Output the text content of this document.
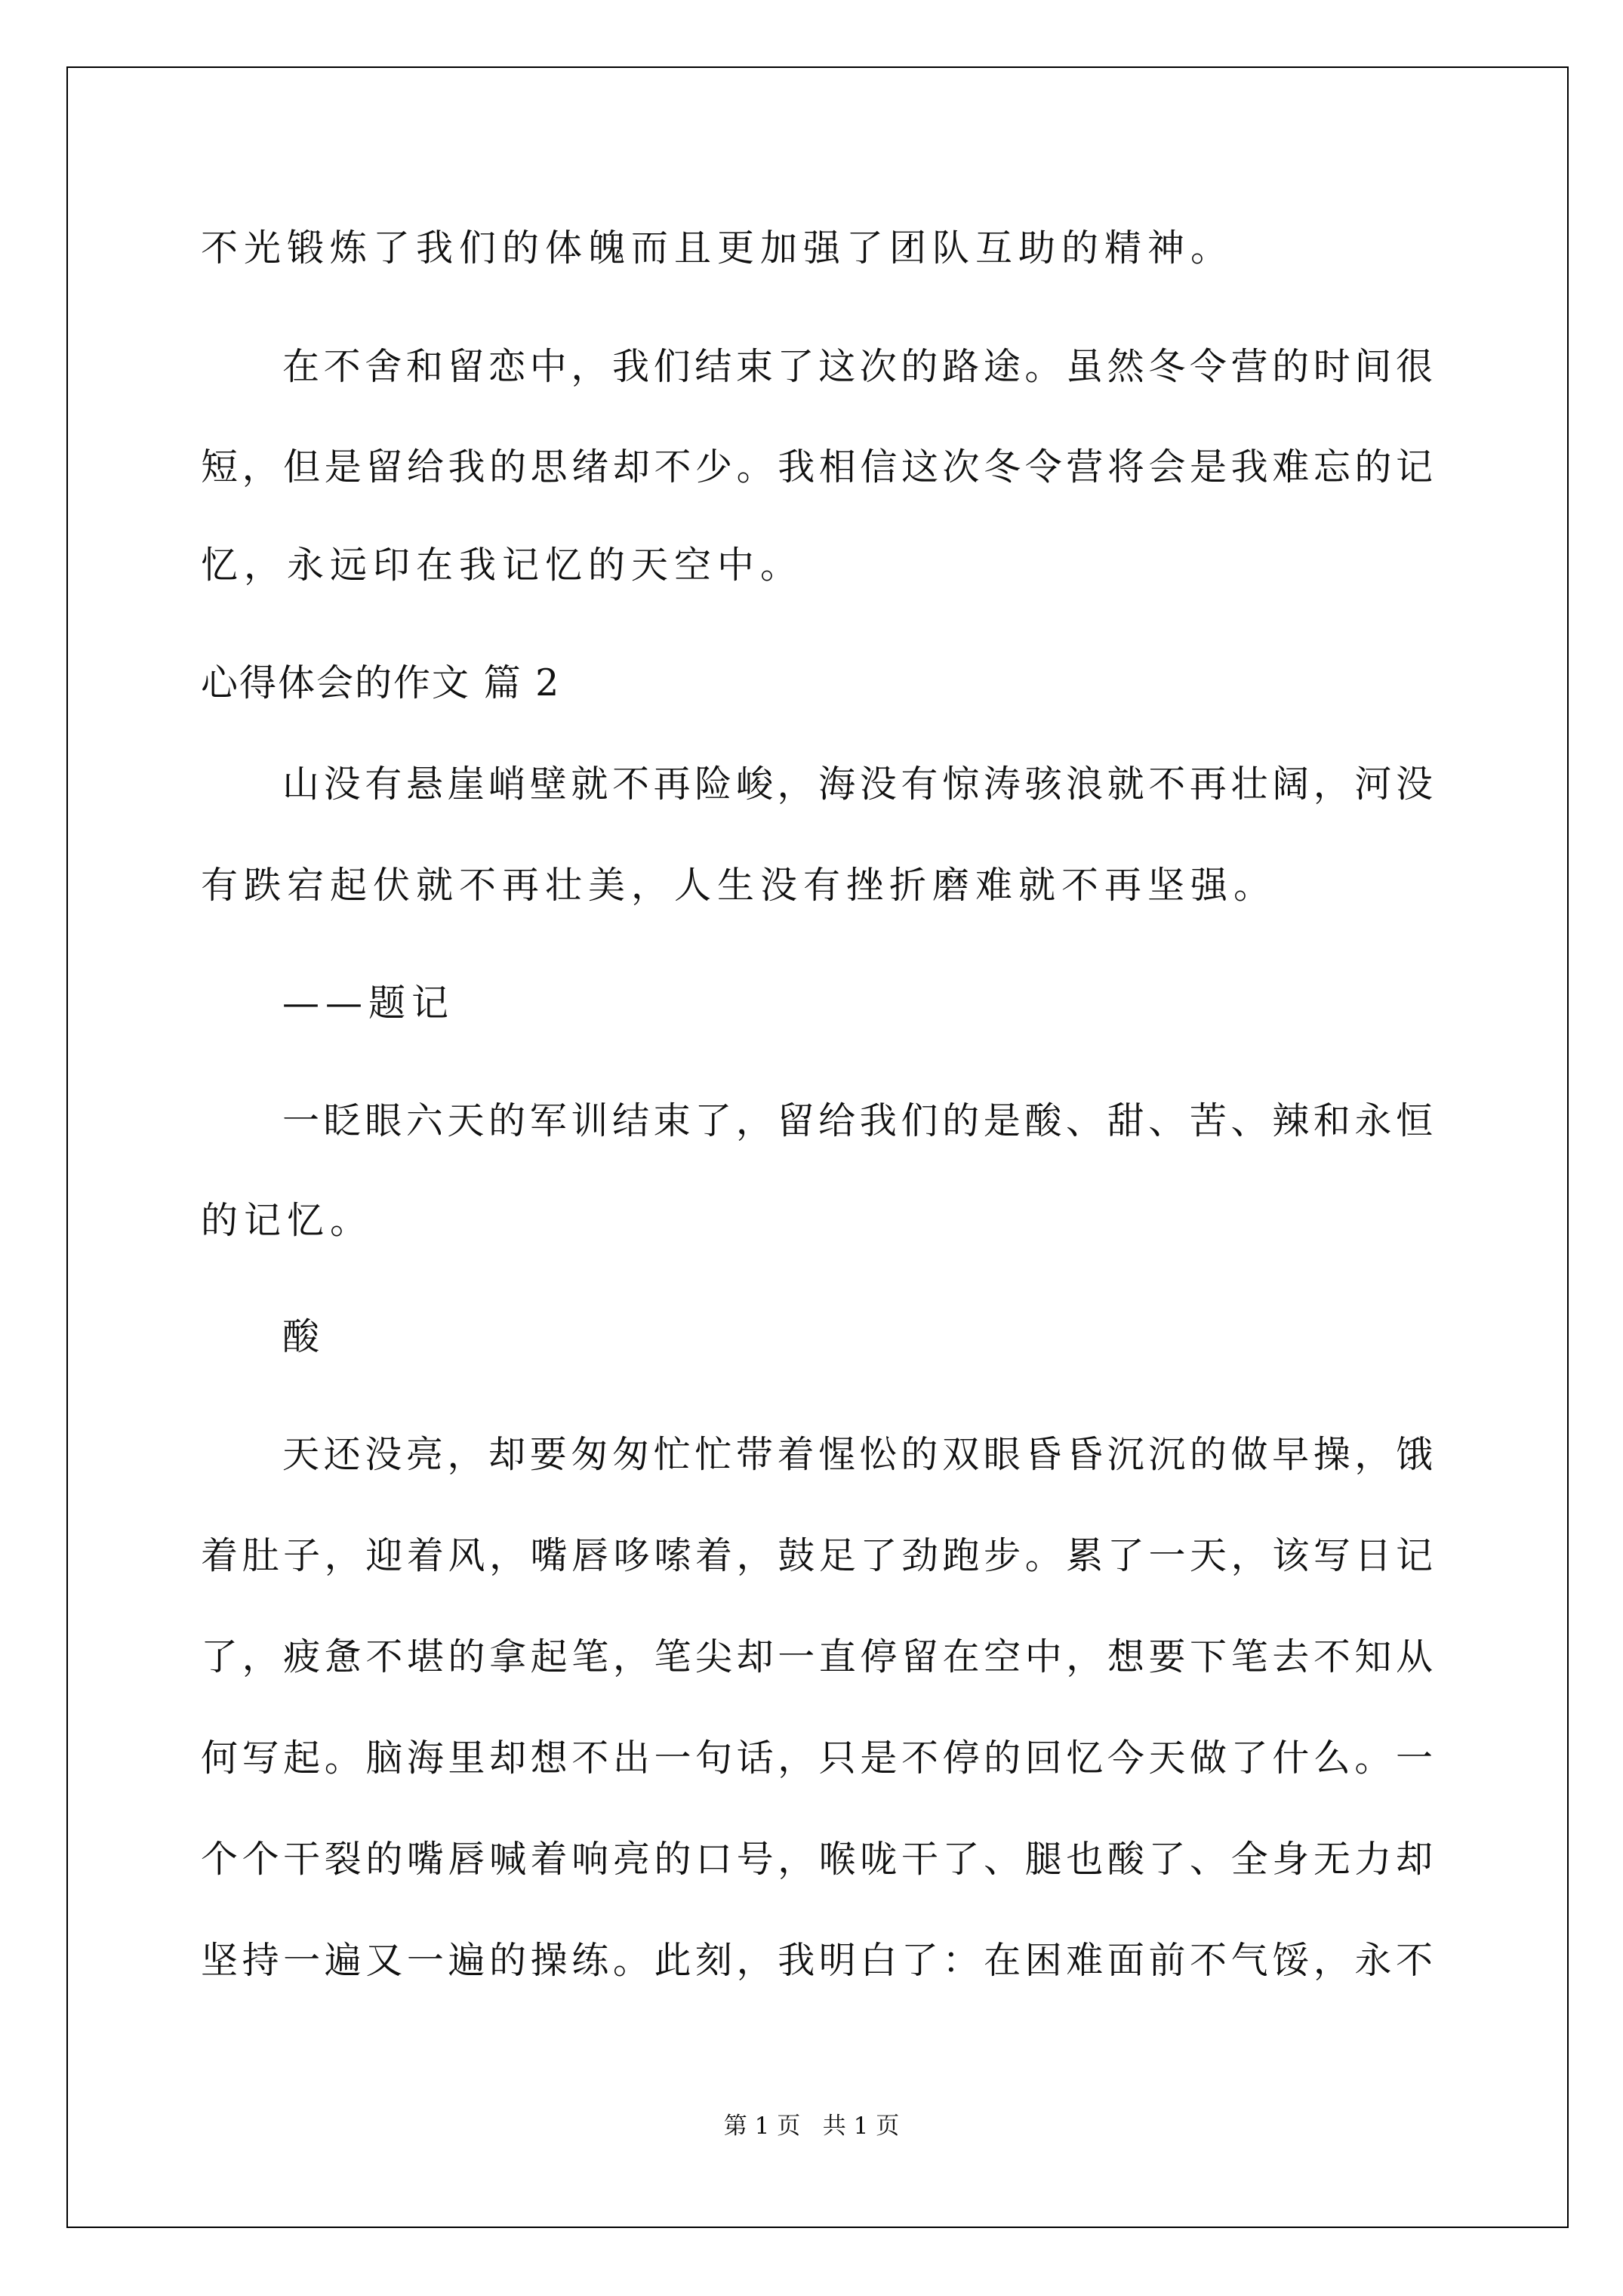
不光锻炼了我们的体魄而且更加强了团队互助的精神。
在不舍和留恋中，我们结束了这次的路途。虽然冬令营的时间很
短，但是留给我的思绪却不少。我相信这次冬令营将会是我难忘的记
忆，永远印在我记忆的天空中。
心得体会的作文 篇 2
山没有悬崖峭壁就不再险峻，海没有惊涛骇浪就不再壮阔，河没
有跌宕起伏就不再壮美，人生没有挫折磨难就不再坚强。
——题记
一眨眼六天的军训结束了，留给我们的是酸、甜、苦、辣和永恒
的记忆。
酸
天还没亮，却要匆匆忙忙带着惺忪的双眼昏昏沉沉的做早操，饿
着肚子，迎着风，嘴唇哆嗦着，鼓足了劲跑步。累了一天，该写日记
了，疲惫不堪的拿起笔，笔尖却一直停留在空中，想要下笔去不知从
何写起。脑海里却想不出一句话，只是不停的回忆今天做了什么。一
个个干裂的嘴唇喊着响亮的口号，喉咙干了、腿也酸了、全身无力却
坚持一遍又一遍的操练。此刻，我明白了：在困难面前不气馁，永不
第 1 页   共 1 页
